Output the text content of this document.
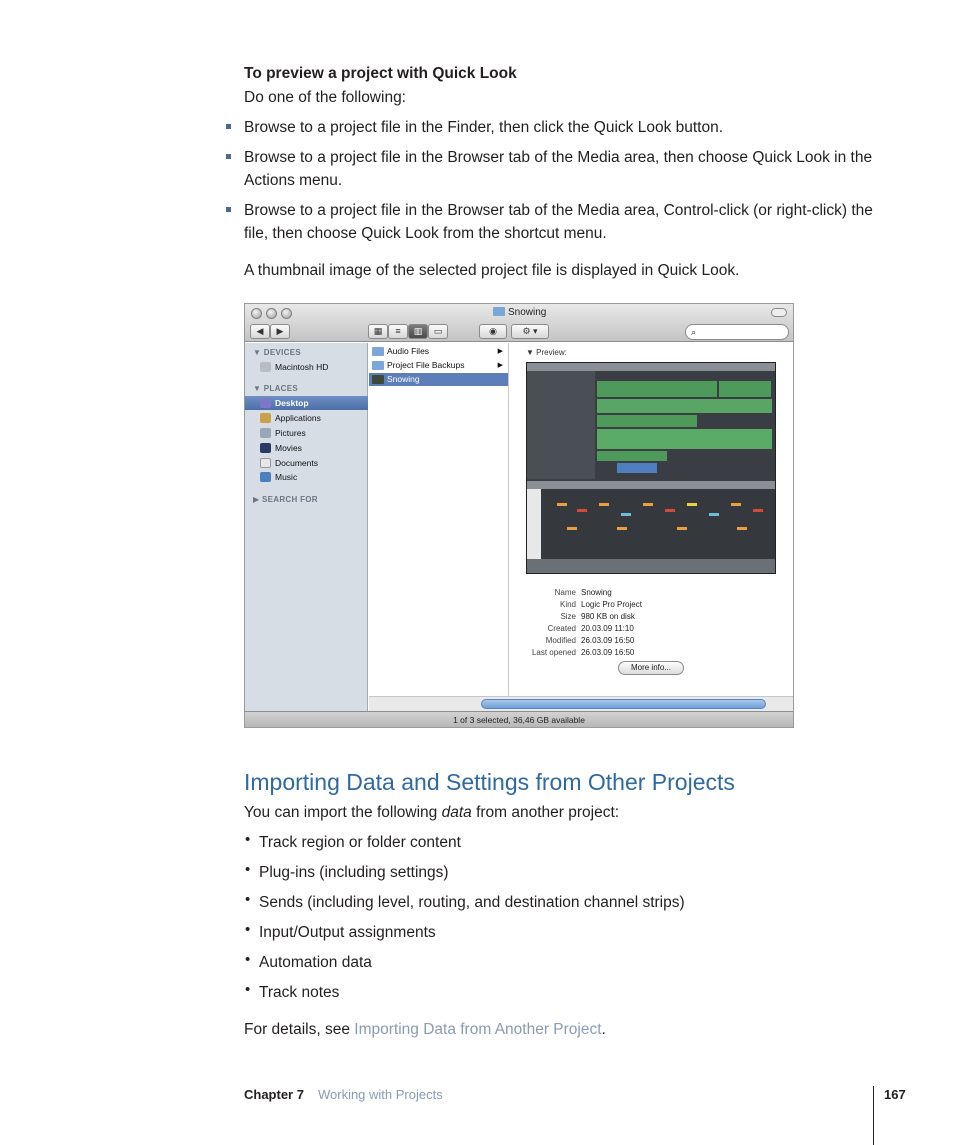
To preview a project with Quick Look
Do one of the following:
Browse to a project file in the Finder, then click the Quick Look button.
Browse to a project file in the Browser tab of the Media area, then choose Quick Look in the Actions menu.
Browse to a project file in the Browser tab of the Media area, Control-click (or right-click) the file, then choose Quick Look from the shortcut menu.
A thumbnail image of the selected project file is displayed in Quick Look.
Snowing
◀	▶	▦	≡	▥	▭	◉	⚙ ▾	⌕
▼ DEVICES
Macintosh HD
▼ PLACES
Desktop
Applications
Pictures
Movies
Documents
Music
▶ SEARCH FOR
Audio Files	▶
Project File Backups	▶
Snowing
▼ Preview:
Name Snowing
Kind Logic Pro Project
Size 980 KB on disk
Created 20.03.09 11:10
Modified 26.03.09 16:50
Last opened 26.03.09 16:50
More info...
1 of 3 selected, 36,46 GB available
Importing Data and Settings from Other Projects
You can import the following data from another project:
• Track region or folder content
• Plug-ins (including settings)
• Sends (including level, routing, and destination channel strips)
• Input/Output assignments
• Automation data
• Track notes
For details, see Importing Data from Another Project.
Chapter 7 Working with Projects	167
